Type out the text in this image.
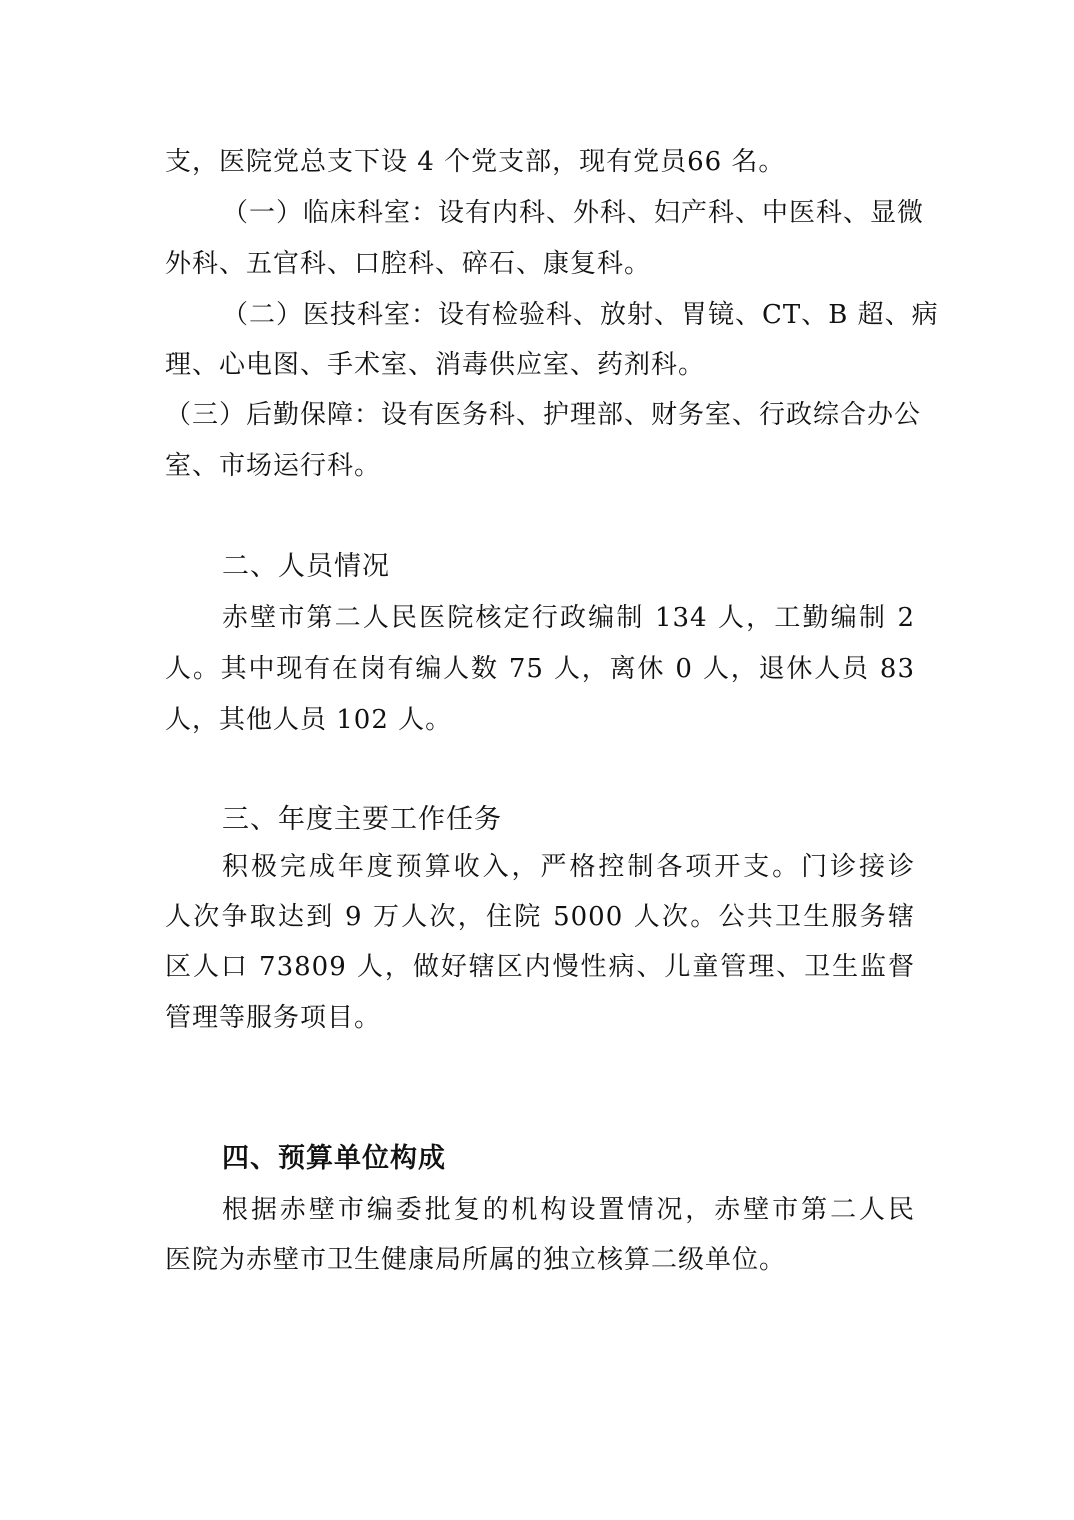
支，医院党总支下设 4 个党支部，现有党员66 名。
（一）临床科室：设有内科、外科、妇产科、中医科、显微
外科、五官科、口腔科、碎石、康复科。
（二）医技科室：设有检验科、放射、胃镜、CT、B 超、病
理、心电图、手术室、消毒供应室、药剂科。
（三）后勤保障：设有医务科、护理部、财务室、行政综合办公
室、市场运行科。
二、人员情况
赤壁市第二人民医院核定行政编制 134 人，工勤编制 2
人。其中现有在岗有编人数 75 人，离休 0 人，退休人员 83
人，其他人员 102 人。
三、年度主要工作任务
积极完成年度预算收入，严格控制各项开支。门诊接诊
人次争取达到 9 万人次，住院 5000 人次。公共卫生服务辖
区人口 73809 人，做好辖区内慢性病、儿童管理、卫生监督
管理等服务项目。
四、预算单位构成
根据赤壁市编委批复的机构设置情况，赤壁市第二人民
医院为赤壁市卫生健康局所属的独立核算二级单位。
